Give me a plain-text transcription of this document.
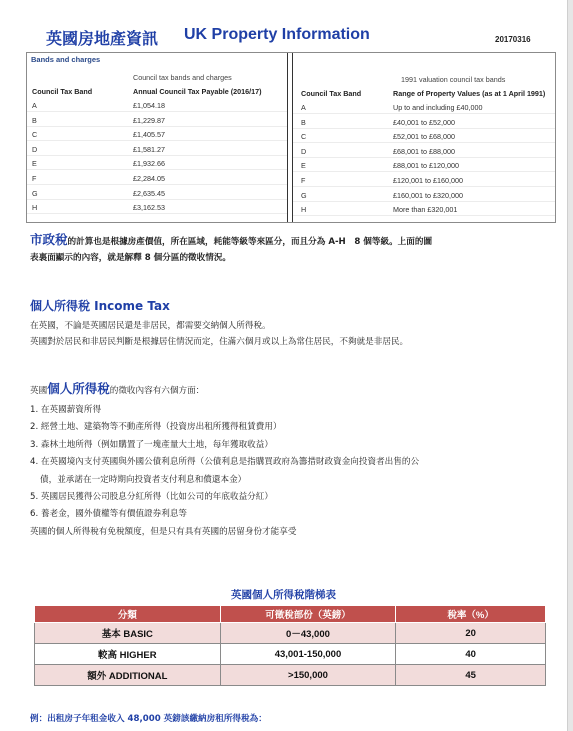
英國房地產資訊 UK Property Information	20170316
Bands and charges
Council tax bands and charges
Council Tax Band	Annual Council Tax Payable (2016/17)
A	£1,054.18
B	£1,229.87
C	£1,405.57
D	£1,581.27
E	£1,932.66
F	£2,284.05
G	£2,635.45
H	£3,162.53
1991 valuation council tax bands
Council Tax Band	Range of Property Values (as at 1 April 1991)
A	Up to and including £40,000
B	£40,001 to £52,000
C	£52,001 to £68,000
D	£68,001 to £88,000
E	£88,001 to £120,000
F	£120,001 to £160,000
G	£160,001 to £320,000
H	More than £320,001
市政稅的計算也是根據房產價值，所在區域，耗能等級等來區分，而且分為 A-H　8 個等級。上面的圖
表裏面顯示的內容，就是解釋 8 個分區的徵收情況。
個人所得稅 Income Tax
在英國，不論是英國居民還是非居民，都需要交納個人所得稅。
英國對於居民和非居民判斷是根據居住情況而定，住滿六個月或以上為常住居民，不夠就是非居民。
英國個人所得稅的徵收內容有六個方面：
1. 在英國薪資所得
2. 經營土地、建築物等不動產所得（投資房出租所獲得租賃費用）
3. 森林土地所得（例如購置了一塊產量大土地，每年獲取收益）
4. 在英國境內支付英國與外國公債利息所得（公債利息是指購買政府為籌措財政資金向投資者出售的公
債，並承諾在一定時期向投資者支付利息和償還本金）
5. 英國居民獲得公司股息分紅所得（比如公司的年底收益分紅）
6. 養老金，國外債權等有價值證券利息等
英國的個人所得稅有免稅額度，但是只有具有英國的居留身份才能享受
英國個人所得稅階梯表
分類	可徵稅部份（英鎊）	稅率（%）
基本 BASIC	0－43,000	20
較高 HIGHER	43,001-150,000	40
額外 ADDITIONAL	>150,000	45
例：出租房子年租金收入 48,000 英鎊該繳納房租所得稅為：
